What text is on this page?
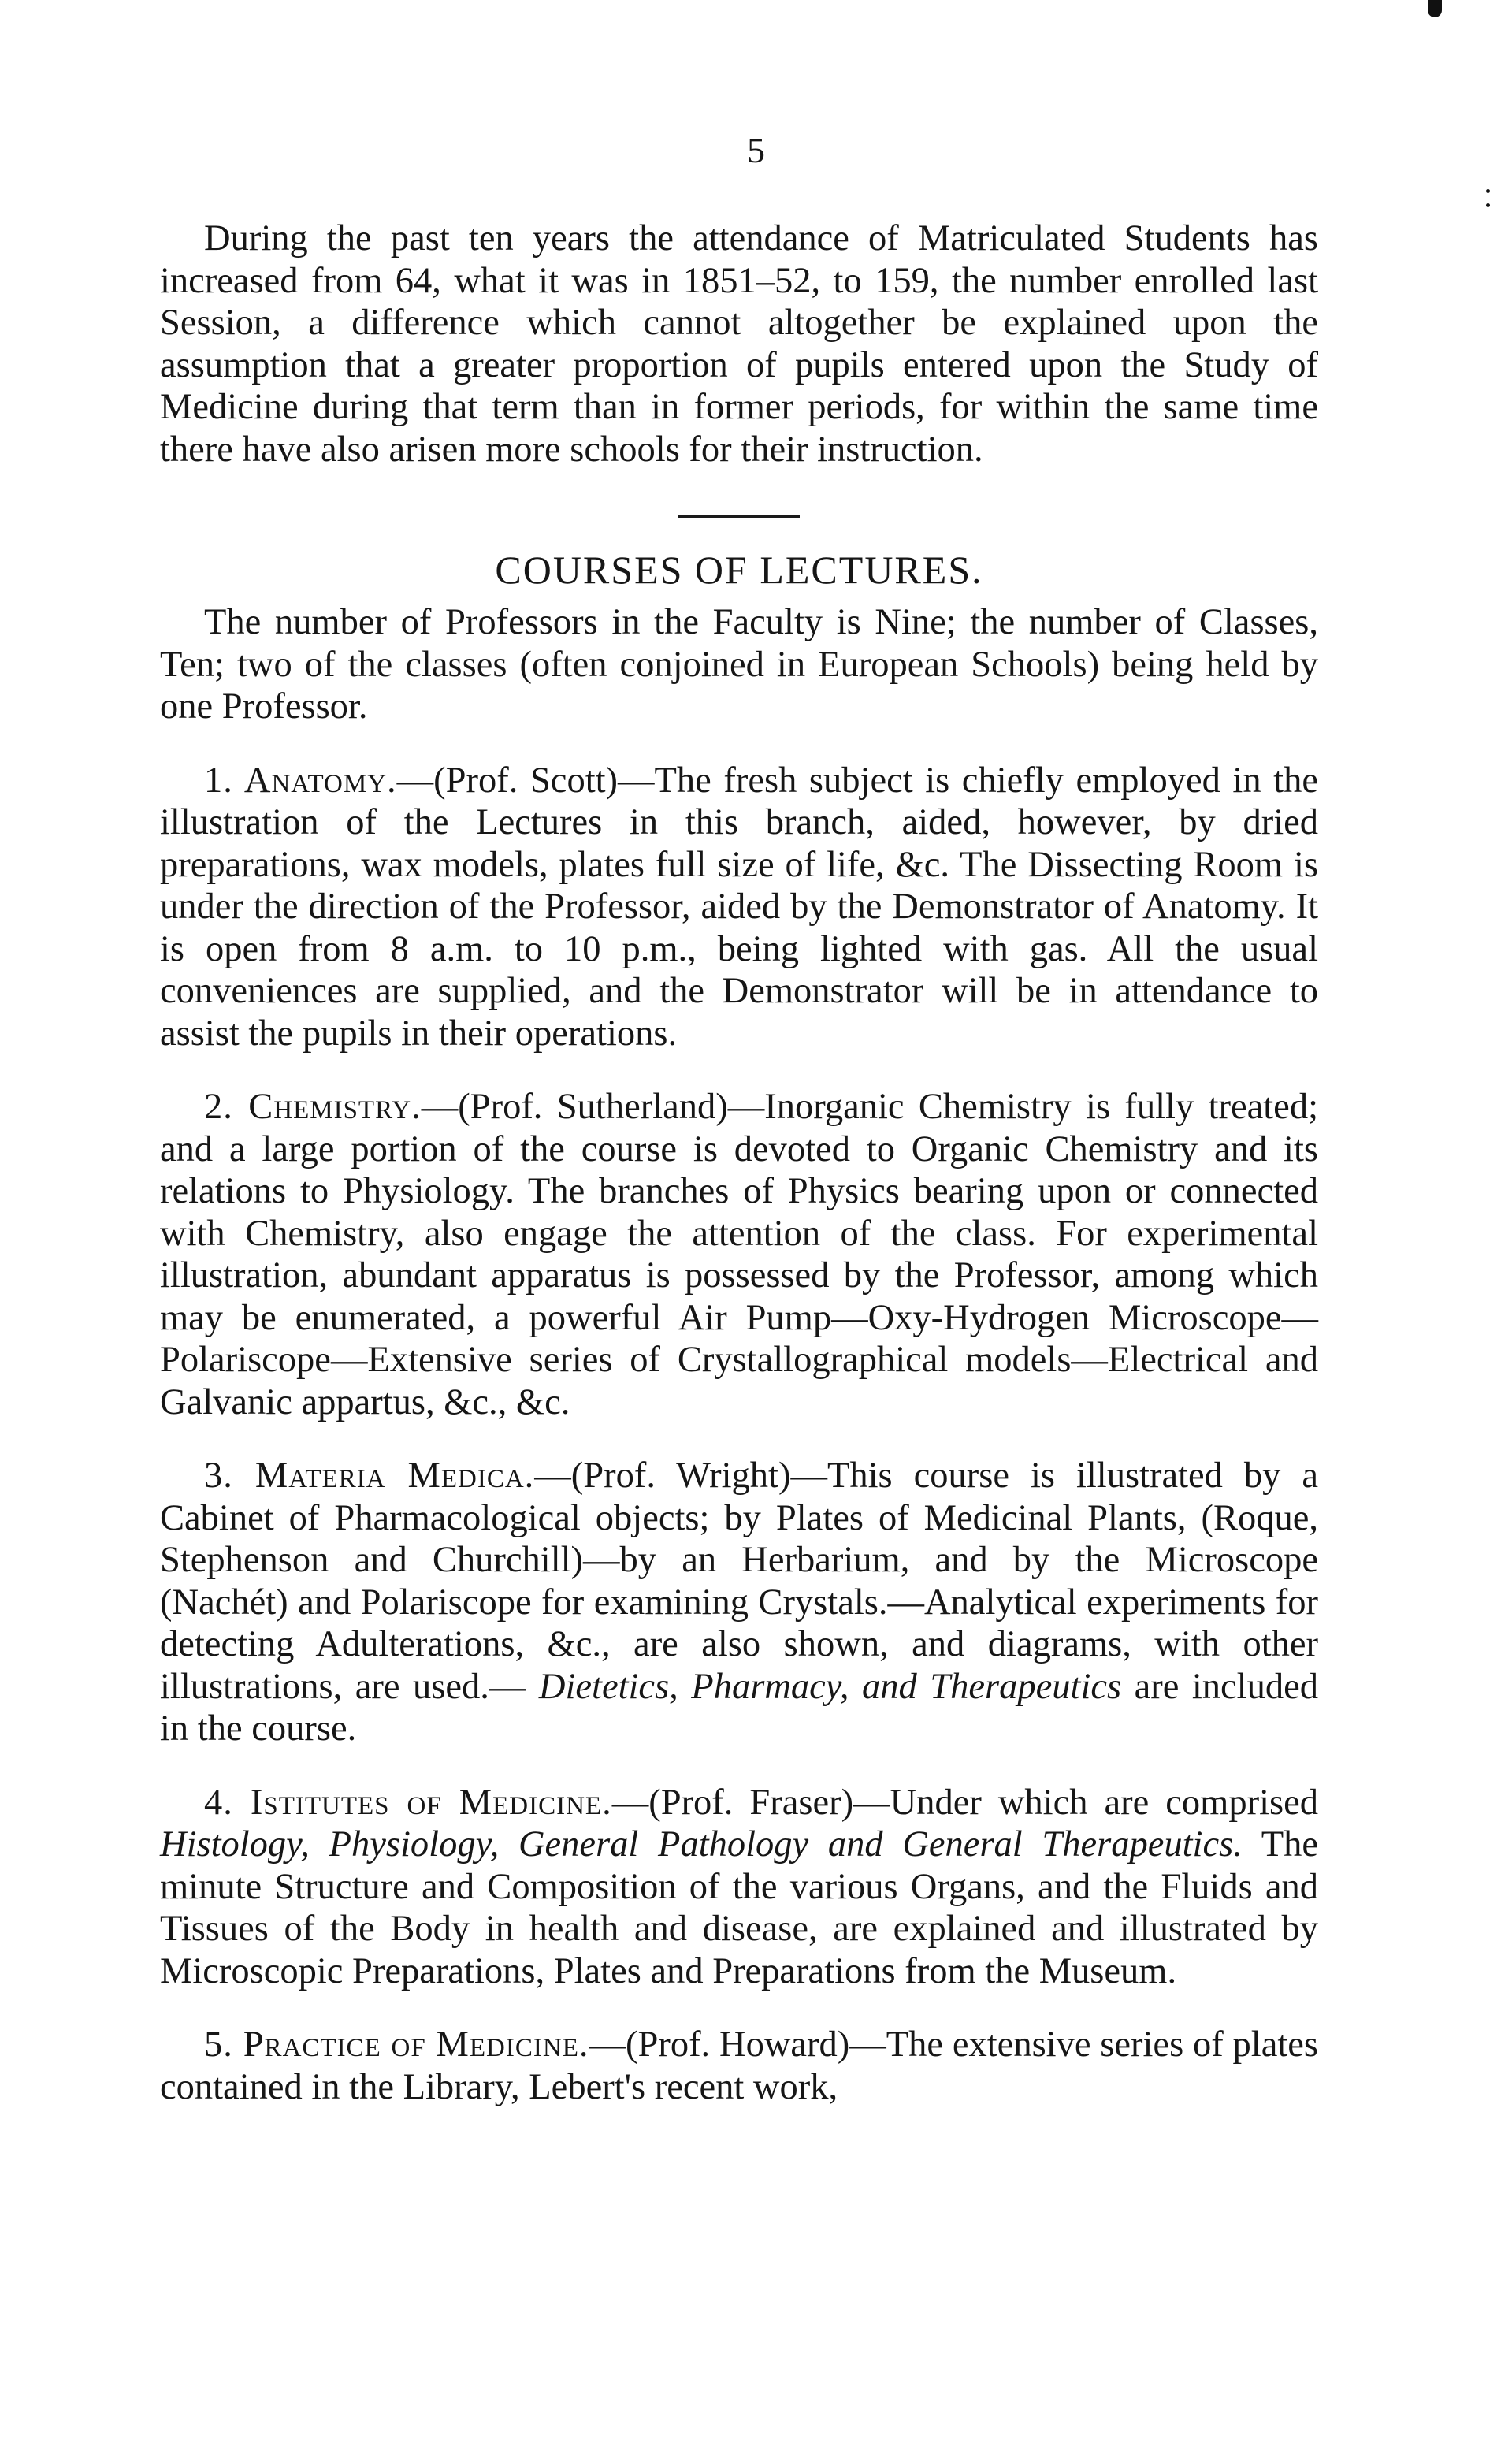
5

During the past ten years the attendance of Matriculated Students has increased from 64, what it was in 1851–52, to 159, the number enrolled last Session, a difference which cannot altogether be explained upon the assumption that a greater proportion of pupils entered upon the Study of Medicine during that term than in former periods, for within the same time there have also arisen more schools for their instruction.

COURSES OF LECTURES.

The number of Professors in the Faculty is Nine; the number of Classes, Ten; two of the classes (often conjoined in European Schools) being held by one Professor.

1. Anatomy.—(Prof. Scott)—The fresh subject is chiefly employed in the illustration of the Lectures in this branch, aided, however, by dried preparations, wax models, plates full size of life, &c. The Dissecting Room is under the direction of the Professor, aided by the Demonstrator of Anatomy. It is open from 8 a.m. to 10 p.m., being lighted with gas. All the usual conveniences are supplied, and the Demonstrator will be in attendance to assist the pupils in their operations.

2. Chemistry.—(Prof. Sutherland)—Inorganic Chemistry is fully treated; and a large portion of the course is devoted to Organic Chemistry and its relations to Physiology. The branches of Physics bearing upon or connected with Chemistry, also engage the attention of the class. For experimental illustration, abundant apparatus is possessed by the Professor, among which may be enumerated, a powerful Air Pump—Oxy-Hydrogen Microscope—Polariscope—Extensive series of Crystallographical models—Electrical and Galvanic appartus, &c., &c.

3. Materia Medica.—(Prof. Wright)—This course is illustrated by a Cabinet of Pharmacological objects; by Plates of Medicinal Plants, (Roque, Stephenson and Churchill)—by an Herbarium, and by the Microscope (Nachét) and Polariscope for examining Crystals.—Analytical experiments for detecting Adulterations, &c., are also shown, and diagrams, with other illustrations, are used.— Dietetics, Pharmacy, and Therapeutics are included in the course.

4. Istitutes of Medicine.—(Prof. Fraser)—Under which are comprised Histology, Physiology, General Pathology and General Therapeutics. The minute Structure and Composition of the various Organs, and the Fluids and Tissues of the Body in health and disease, are explained and illustrated by Microscopic Preparations, Plates and Preparations from the Museum.

5. Practice of Medicine.—(Prof. Howard)—The extensive series of plates contained in the Library, Lebert's recent work,
